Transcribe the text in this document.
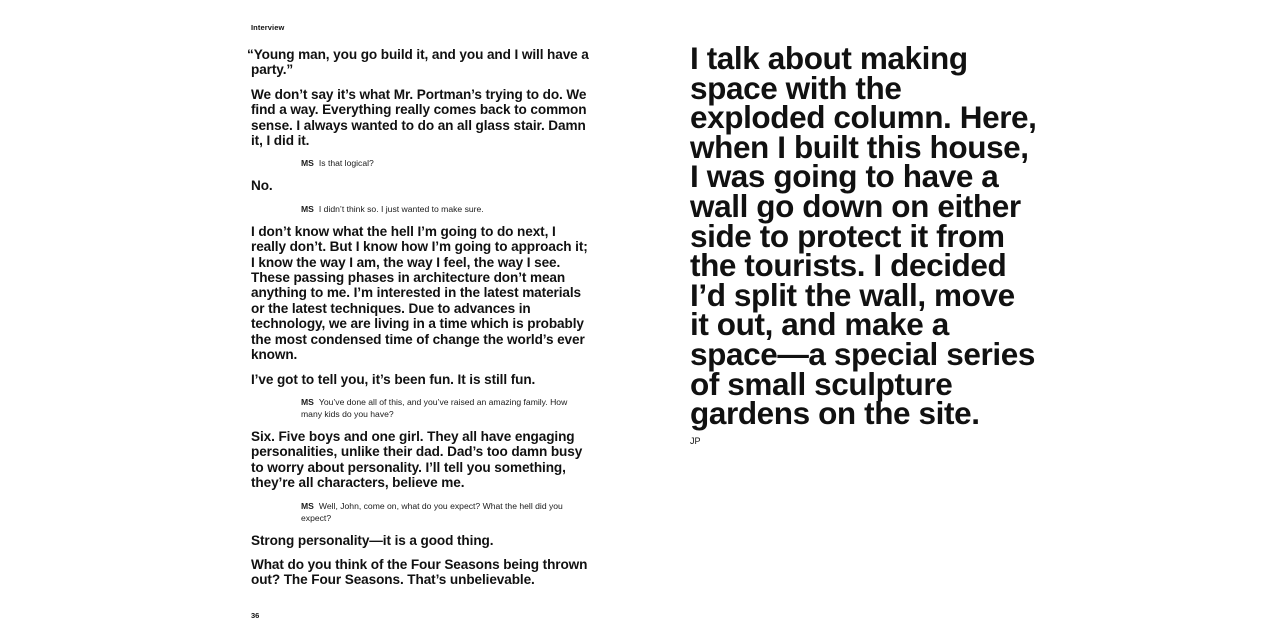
Interview

“Young man, you go build it, and you and I will have a party.”

We don’t say it’s what Mr. Portman’s trying to do. We find a way. Everything really comes back to common sense. I always wanted to do an all glass stair. Damn it, I did it.

MS Is that logical?

No.

MS I didn’t think so. I just wanted to make sure.

I don’t know what the hell I’m going to do next, I really don’t. But I know how I’m going to approach it; I know the way I am, the way I feel, the way I see. These passing phases in architecture don’t mean anything to me. I’m interested in the latest materials or the latest techniques. Due to advances in technology, we are living in a time which is probably the most condensed time of change the world’s ever known.

I’ve got to tell you, it’s been fun. It is still fun.

MS You’ve done all of this, and you’ve raised an amazing family. How many kids do you have?

Six. Five boys and one girl. They all have engaging personalities, unlike their dad. Dad’s too damn busy to worry about personality. I’ll tell you something, they’re all characters, believe me.

MS Well, John, come on, what do you expect? What the hell did you expect?

Strong personality—it is a good thing.

What do you think of the Four Seasons being thrown out? The Four Seasons. That’s unbelievable.

I talk about making space with the exploded column. Here, when I built this house, I was going to have a wall go down on either side to protect it from the tourists. I decided I’d split the wall, move it out, and make a space—a special series of small sculpture gardens on the site.

JP
36
